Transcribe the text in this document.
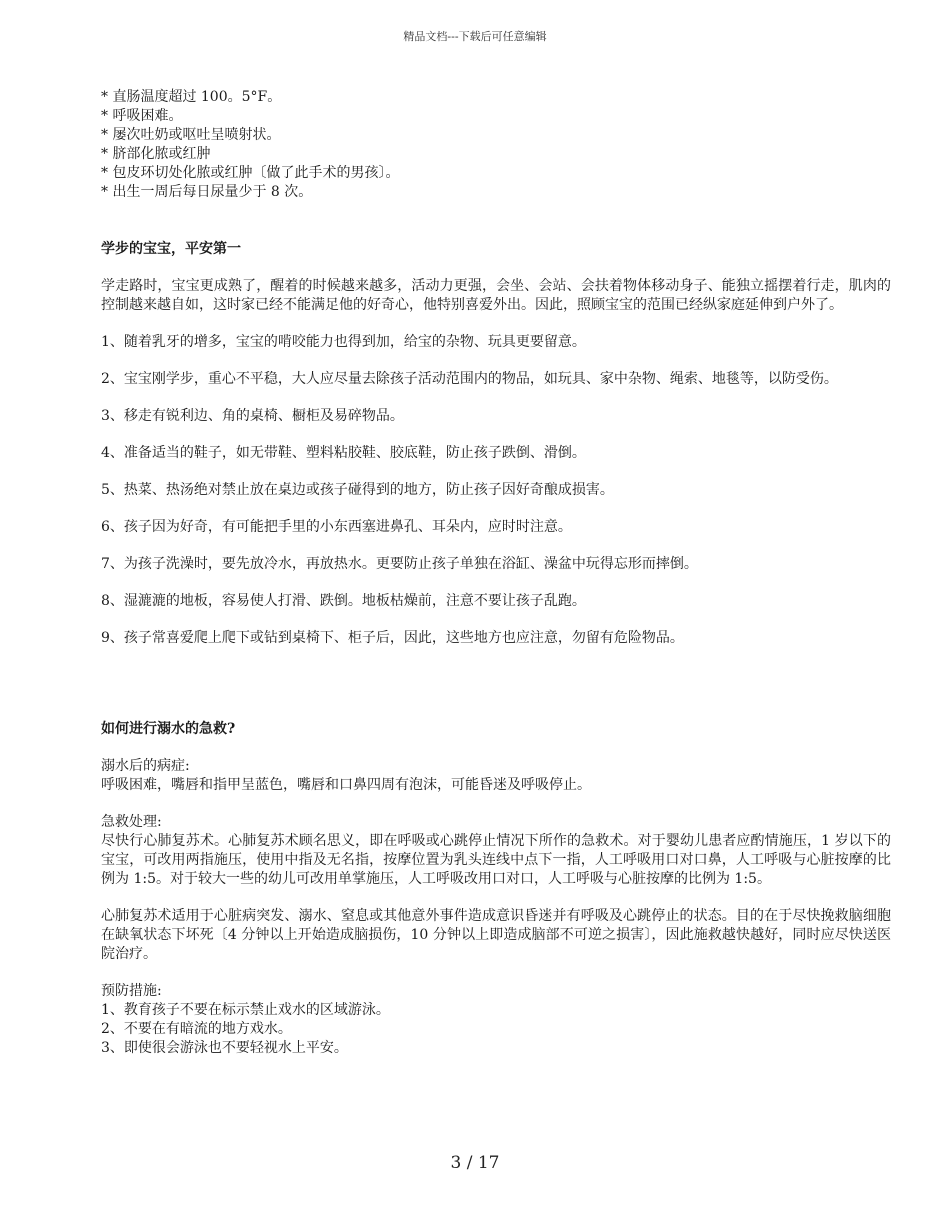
精品文档---下载后可任意编辑

* 直肠温度超过 100。5°F。

* 呼吸困难。

* 屡次吐奶或呕吐呈喷射状。

* 脐部化脓或红肿

* 包皮环切处化脓或红肿〔做了此手术的男孩〕。

* 出生一周后每日尿量少于 8 次。

学步的宝宝，平安第一

学走路时，宝宝更成熟了，醒着的时候越来越多，活动力更强，会坐、会站、会扶着物体移动身子、能独立摇摆着行走，肌肉的控制越来越自如，这时家已经不能满足他的好奇心，他特别喜爱外出。因此，照顾宝宝的范围已经纵家庭延伸到户外了。

1、随着乳牙的增多，宝宝的啃咬能力也得到加，给宝的杂物、玩具更要留意。

2、宝宝刚学步，重心不平稳，大人应尽量去除孩子活动范围内的物品，如玩具、家中杂物、绳索、地毯等，以防受伤。

3、移走有锐利边、角的桌椅、橱柜及易碎物品。

4、准备适当的鞋子，如无带鞋、塑料粘胶鞋、胶底鞋，防止孩子跌倒、滑倒。

5、热菜、热汤绝对禁止放在桌边或孩子碰得到的地方，防止孩子因好奇酿成损害。

6、孩子因为好奇，有可能把手里的小东西塞进鼻孔、耳朵内，应时时注意。

7、为孩子洗澡时，要先放冷水，再放热水。更要防止孩子单独在浴缸、澡盆中玩得忘形而摔倒。

8、湿漉漉的地板，容易使人打滑、跌倒。地板枯燥前，注意不要让孩子乱跑。

9、孩子常喜爱爬上爬下或钻到桌椅下、柜子后，因此，这些地方也应注意，勿留有危险物品。

如何进行溺水的急救?

溺水后的病症:

呼吸困难，嘴唇和指甲呈蓝色，嘴唇和口鼻四周有泡沫，可能昏迷及呼吸停止。

急救处理:

尽快行心肺复苏术。心肺复苏术顾名思义，即在呼吸或心跳停止情况下所作的急救术。对于婴幼儿患者应酌情施压，1 岁以下的宝宝，可改用两指施压，使用中指及无名指，按摩位置为乳头连线中点下一指，人工呼吸用口对口鼻，人工呼吸与心脏按摩的比例为 1:5。对于较大一些的幼儿可改用单掌施压，人工呼吸改用口对口，人工呼吸与心脏按摩的比例为 1:5。

心肺复苏术适用于心脏病突发、溺水、窒息或其他意外事件造成意识昏迷并有呼吸及心跳停止的状态。目的在于尽快挽救脑细胞在缺氧状态下坏死〔4 分钟以上开始造成脑损伤，10 分钟以上即造成脑部不可逆之损害〕，因此施救越快越好，同时应尽快送医院治疗。

预防措施:

1、教育孩子不要在标示禁止戏水的区域游泳。

2、不要在有暗流的地方戏水。

3、即使很会游泳也不要轻视水上平安。

3 / 17
